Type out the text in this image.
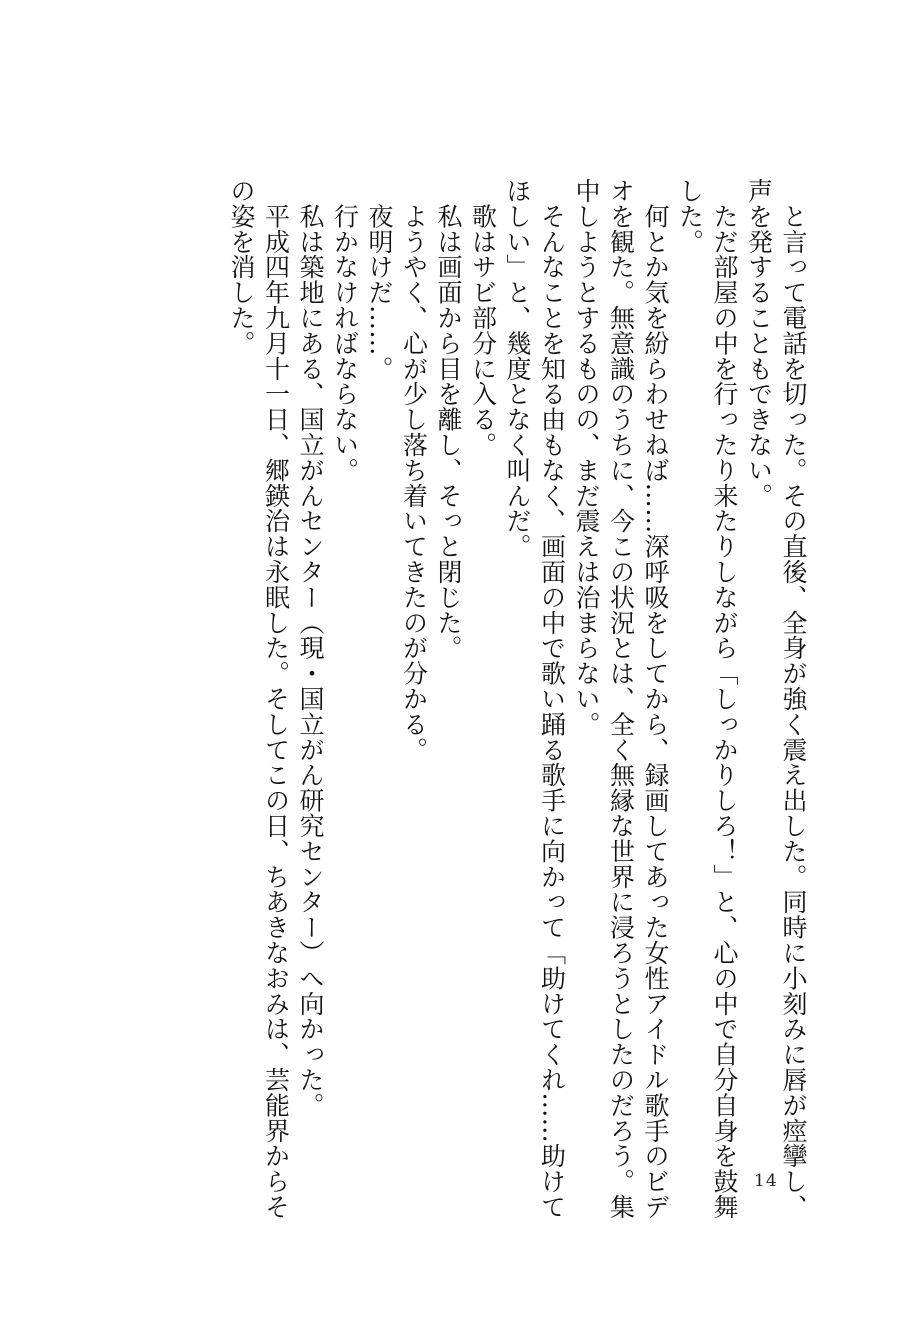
　と言って電話を切った。その直後、全身が強く震え出した。同時に小刻みに唇が痙攣し、
声を発することもできない。
　ただ部屋の中を行ったり来たりしながら「しっかりしろ！」と、心の中で自分自身を鼓舞
した。
　何とか気を紛らわせねば……深呼吸をしてから、録画してあった女性アイドル歌手のビデ
オを観た。無意識のうちに、今この状況とは、全く無縁な世界に浸ろうとしたのだろう。集
中しようとするものの、まだ震えは治まらない。
　そんなことを知る由もなく、画面の中で歌い踊る歌手に向かって「助けてくれ……助けて
ほしい」と、幾度となく叫んだ。
　歌はサビ部分に入る。
　私は画面から目を離し、そっと閉じた。
　ようやく、心が少し落ち着いてきたのが分かる。
　夜明けだ……。
　行かなければならない。
　私は築地にある、国立がんセンター（現・国立がん研究センター）へ向かった。
　平成四年九月十一日、郷鍈治は永眠した。そしてこの日、ちあきなおみは、芸能界からそ
の姿を消した。
14
